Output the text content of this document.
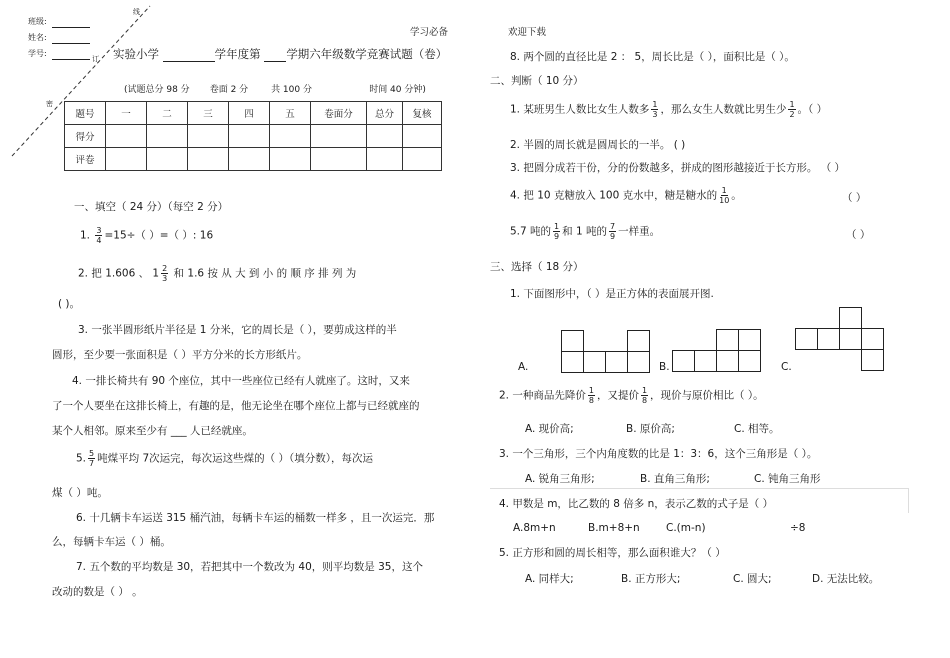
班级:
姓名:
学号:
线
订
密
学习必备	欢迎下载
实验小学	学年度第 学期六年级数学竞赛试题（卷）
(试题总分 98 分 卷面 2 分	共 100 分	时间 40 分钟)
题号	一	二	三	四	五	卷面分	总分	复核
得分								
评卷								
一、填空（ 24 分）（每空 2 分）
1. $\frac{3}{4} =15\div$（ ）=（ ）: 16
2. 把 1.606 、 $1 \frac{2}{3}$ 和 1.6 按 从 大 到 小 的 顺 序 排 列 为
( )。
3. 一张半圆形纸片半径是 1 分米，它的周长是（ ），要剪成这样的半
圆形，至少要一张面积是（ ）平方分米的长方形纸片。
4. 一排长椅共有 90 个座位，其中一些座位已经有人就座了。这时，又来
了一个人要坐在这排长椅上，有趣的是，他无论坐在哪个座位上都与已经就座的
某个人相邻。原来至少有 ___ 人已经就座。
5. $\frac{5}{7}$ 吨煤平均 7次运完，每次运这些煤的（ ）（填分数），每次运
煤（ ）吨。
6. 十几辆卡车运送 315 桶汽油，每辆卡车运的桶数一样多 ，且一次运完．那
么，每辆卡车运（ ）桶。
7. 五个数的平均数是 30，若把其中一个数改为 40，则平均数是 35，这个
改动的数是（ ） 。
8. 两个圆的直径比是 2 ： 5，周长比是（ ），面积比是（ ）。
二、判断（ 10 分）
1. 某班男生人数比女生人数多 $\frac{1}{3}$ ，那么女生人数就比男生少 $\frac{1}{2}$ 。（ ）
2. 半圆的周长就是圆周长的一半。 ( )
3. 把圆分成若干份，分的份数越多，拼成的图形越接近于长方形。 （ ）
4. 把 10 克糖放入 100 克水中，糖是糖水的 $\frac{1}{10}$ 。	（ ）
5.7 吨的 $\frac{1}{9}$ 和 1 吨的 $\frac{7}{9}$ 一样重。	（ ）
三、选择（ 18 分）
1. 下面图形中，（ ）是正方体的表面展开图.
A.	B.	C.
2. 一种商品先降价 $\frac{1}{8}$ ，又提价 $\frac{1}{8}$ ，现价与原价相比（ ）。
A. 现价高;	B. 原价高;	C. 相等。
3. 一个三角形，三个内角度数的比是 1：3：6，这个三角形是（ ）。
A. 锐角三角形;	B. 直角三角形;	C. 钝角三角形
4. 甲数是 m，比乙数的 8 倍多 n，表示乙数的式子是（ ）
A.8m+n	B.m+8+n	C.(m-n)	÷8
5. 正方形和圆的周长相等，那么面积谁大？（ ）
A. 同样大;	B. 正方形大;	C. 圆大;	D. 无法比较。
